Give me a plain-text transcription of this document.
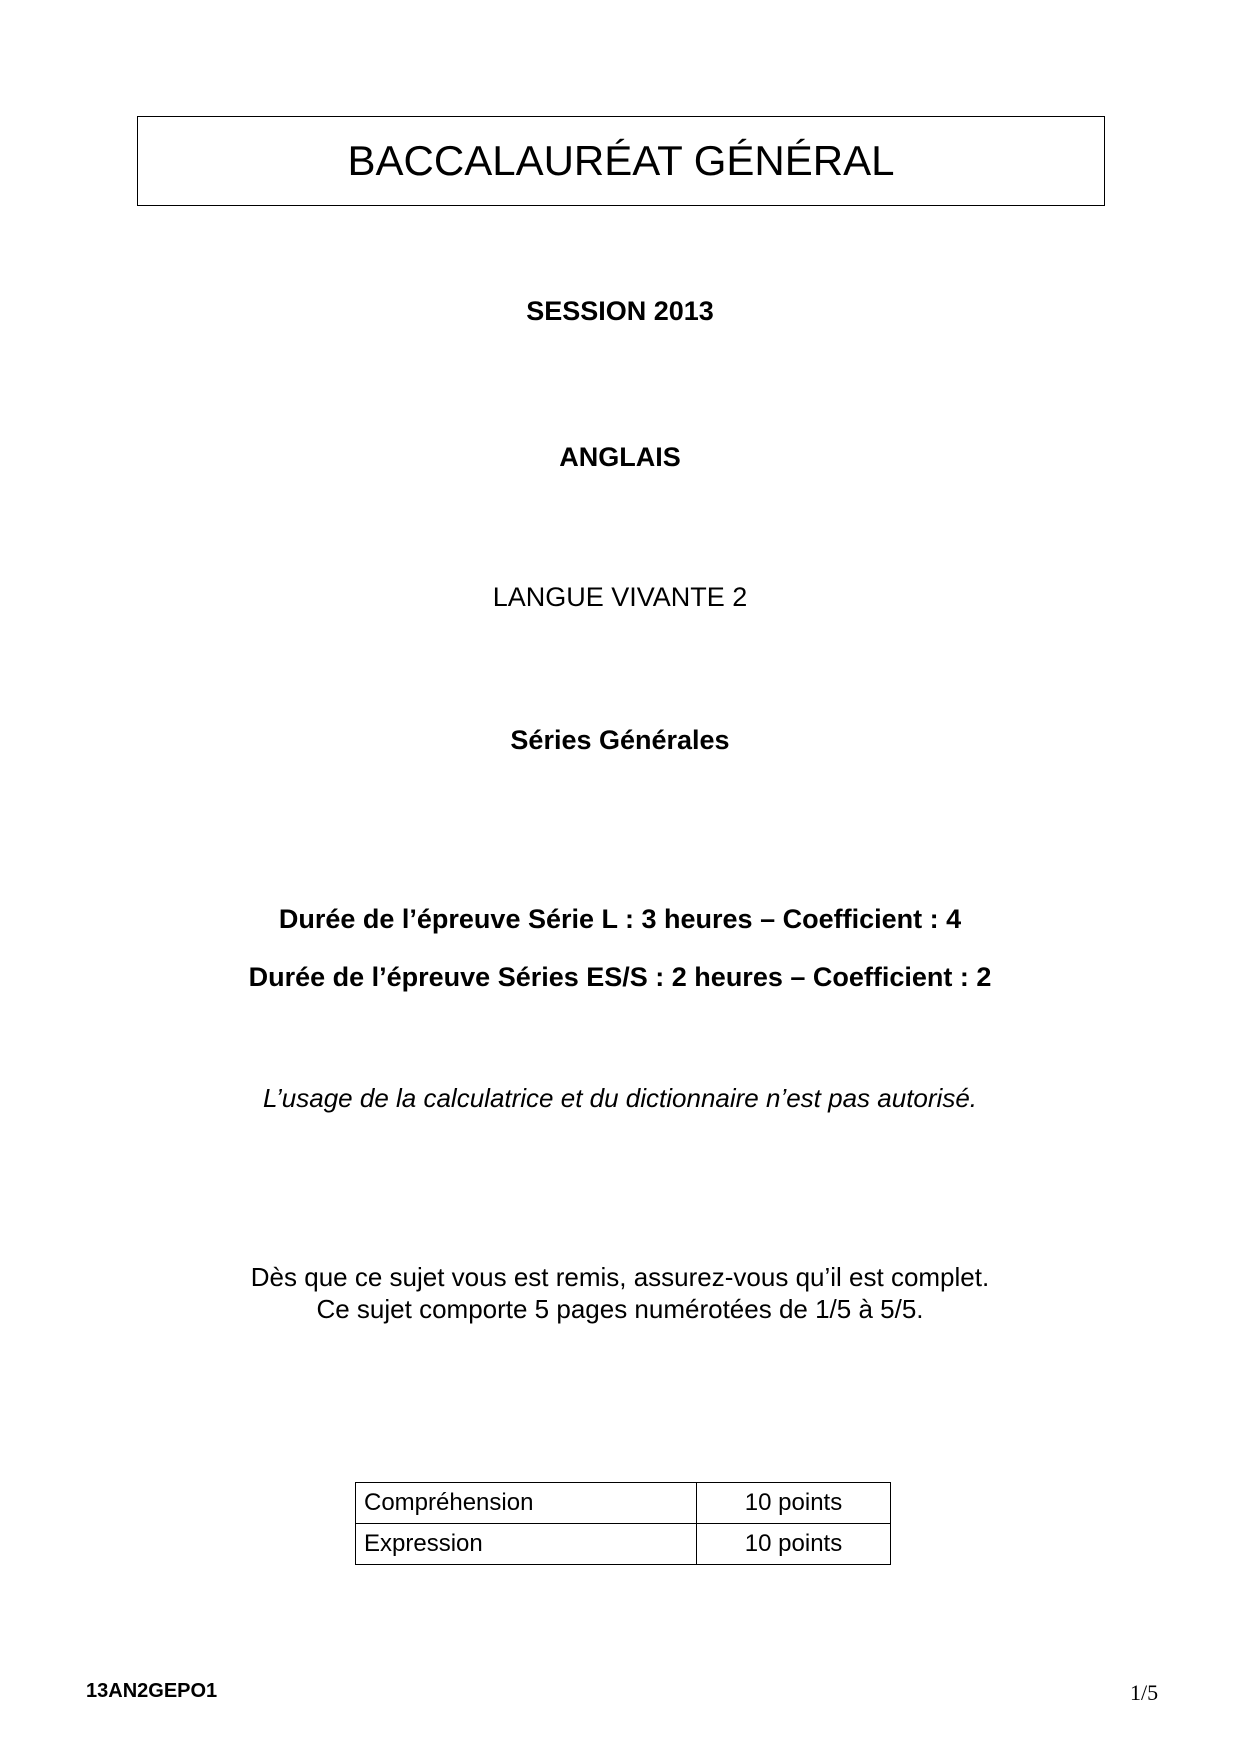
BACCALAURÉAT GÉNÉRAL
SESSION 2013
ANGLAIS
LANGUE VIVANTE 2
Séries Générales
Durée de l’épreuve Série L : 3 heures – Coefficient : 4
Durée de l’épreuve Séries ES/S : 2 heures – Coefficient : 2
L’usage de la calculatrice et du dictionnaire n’est pas autorisé.
Dès que ce sujet vous est remis, assurez-vous qu’il est complet.
Ce sujet comporte 5 pages numérotées de 1/5 à 5/5.
Compréhension	10 points
Expression	10 points
13AN2GEPO1	1/5
